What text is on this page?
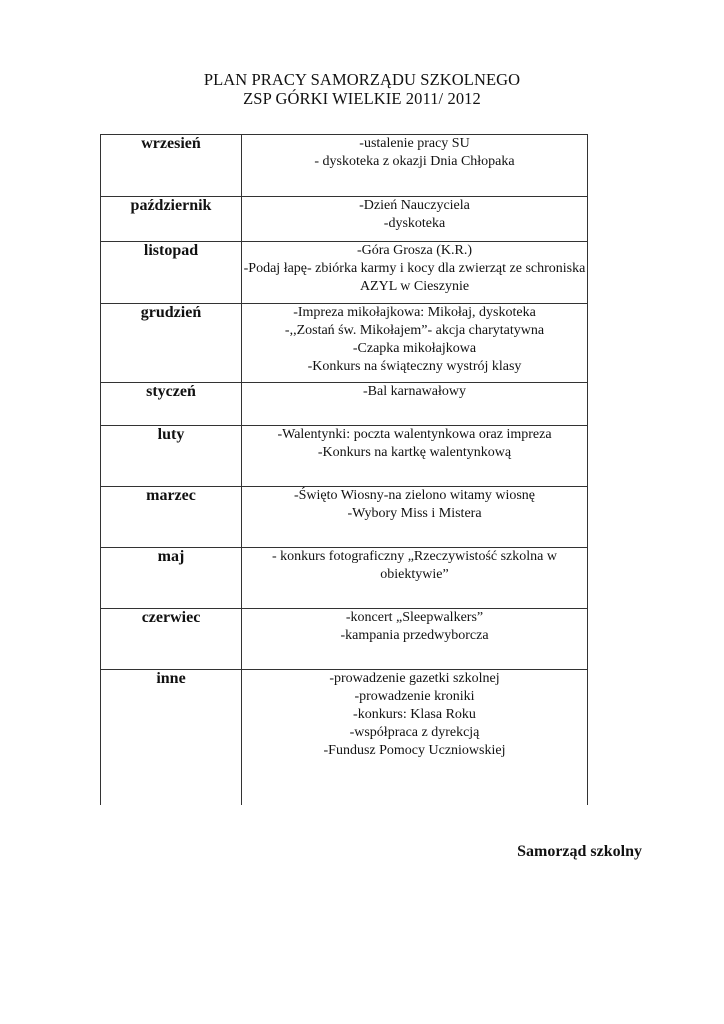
PLAN PRACY SAMORZĄDU SZKOLNEGO
ZSP GÓRKI WIELKIE 2011/ 2012
wrzesień	-ustalenie pracy SU
- dyskoteka z okazji Dnia Chłopaka

październik	-Dzień Nauczyciela
-dyskoteka

listopad	-Góra Grosza (K.R.)
-Podaj łapę- zbiórka karmy i kocy dla zwierząt ze schroniska AZYL w Cieszynie

grudzień	-Impreza mikołajkowa: Mikołaj, dyskoteka
-,,Zostań św. Mikołajem”- akcja charytatywna
-Czapka mikołajkowa
-Konkurs na świąteczny wystrój klasy

styczeń	-Bal karnawałowy

luty	-Walentynki: poczta walentynkowa oraz impreza
-Konkurs na kartkę walentynkową

marzec	-Święto Wiosny-na zielono witamy wiosnę
-Wybory Miss i Mistera

maj	- konkurs fotograficzny „Rzeczywistość szkolna w obiektywie”

czerwiec	-koncert „Sleepwalkers”
-kampania przedwyborcza

inne	-prowadzenie gazetki szkolnej
-prowadzenie kroniki
-konkurs: Klasa Roku
-współpraca z dyrekcją
-Fundusz Pomocy Uczniowskiej
Samorząd szkolny
